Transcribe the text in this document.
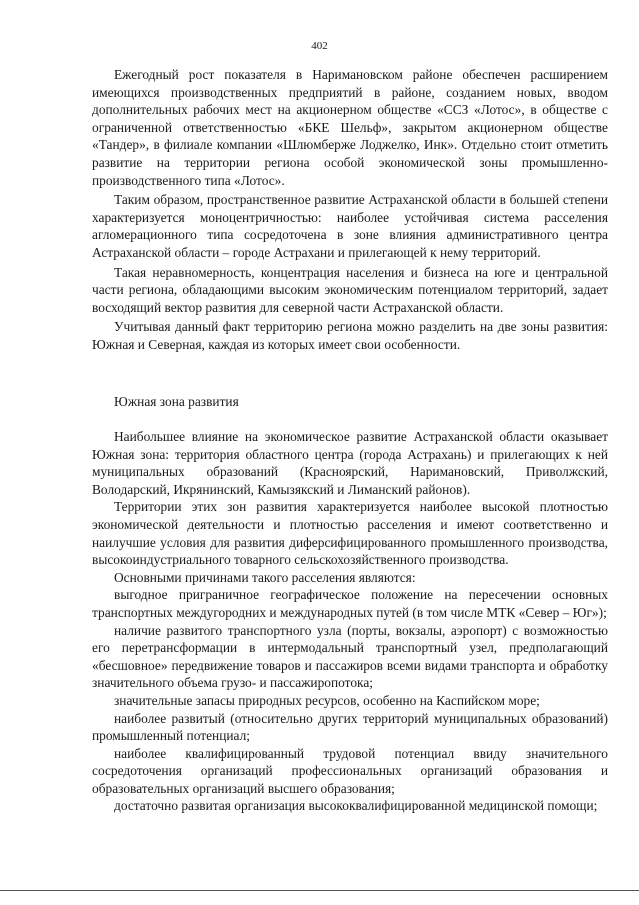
402

Ежегодный рост показателя в Наримановском районе обеспечен расширением имеющихся производственных предприятий в районе, созданием новых, вводом дополнительных рабочих мест на акционерном обществе «ССЗ «Лотос», в обществе с ограниченной ответственностью «БКЕ Шельф», закрытом акционерном обществе «Тандер», в филиале компании «Шлюмберже Лоджелко, Инк». Отдельно стоит отметить развитие на территории региона особой экономической зоны промышленно-производственного типа «Лотос».

Таким образом, пространственное развитие Астраханской области в большей степени характеризуется моноцентричностью: наиболее устойчивая система расселения агломерационного типа сосредоточена в зоне влияния административного центра Астраханской области – городе Астрахани и прилегающей к нему территорий.

Такая неравномерность, концентрация населения и бизнеса на юге и центральной части региона, обладающими высоким экономическим потенциалом территорий, задает восходящий вектор развития для северной части Астраханской области.

Учитывая данный факт территорию региона можно разделить на две зоны развития: Южная и Северная, каждая из которых имеет свои особенности.

Южная зона развития

Наибольшее влияние на экономическое развитие Астраханской области оказывает Южная зона: территория областного центра (города Астрахань) и прилегающих к ней муниципальных образований (Красноярский, Наримановский, Приволжский, Володарский, Икрянинский, Камызякский и Лиманский районов).

Территории этих зон развития характеризуется наиболее высокой плотностью экономической деятельности и плотностью расселения и имеют соответственно и наилучшие условия для развития диферсифицированного промышленного производства, высокоиндустриального товарного сельскохозяйственного производства.

Основными причинами такого расселения являются:

выгодное приграничное географическое положение на пересечении основных транспортных междугородних и международных путей (в том числе МТК «Север – Юг»);

наличие развитого транспортного узла (порты, вокзалы, аэропорт) с возможностью его перетрансформации в интермодальный транспортный узел, предполагающий «бесшовное» передвижение товаров и пассажиров всеми видами транспорта и обработку значительного объема грузо- и пассажиропотока;

значительные запасы природных ресурсов, особенно на Каспийском море;

наиболее развитый (относительно других территорий муниципальных образований) промышленный потенциал;

наиболее квалифицированный трудовой потенциал ввиду значительного сосредоточения организаций профессиональных организаций образования и образовательных организаций высшего образования;

достаточно развитая организация высококвалифицированной медицинской помощи;
